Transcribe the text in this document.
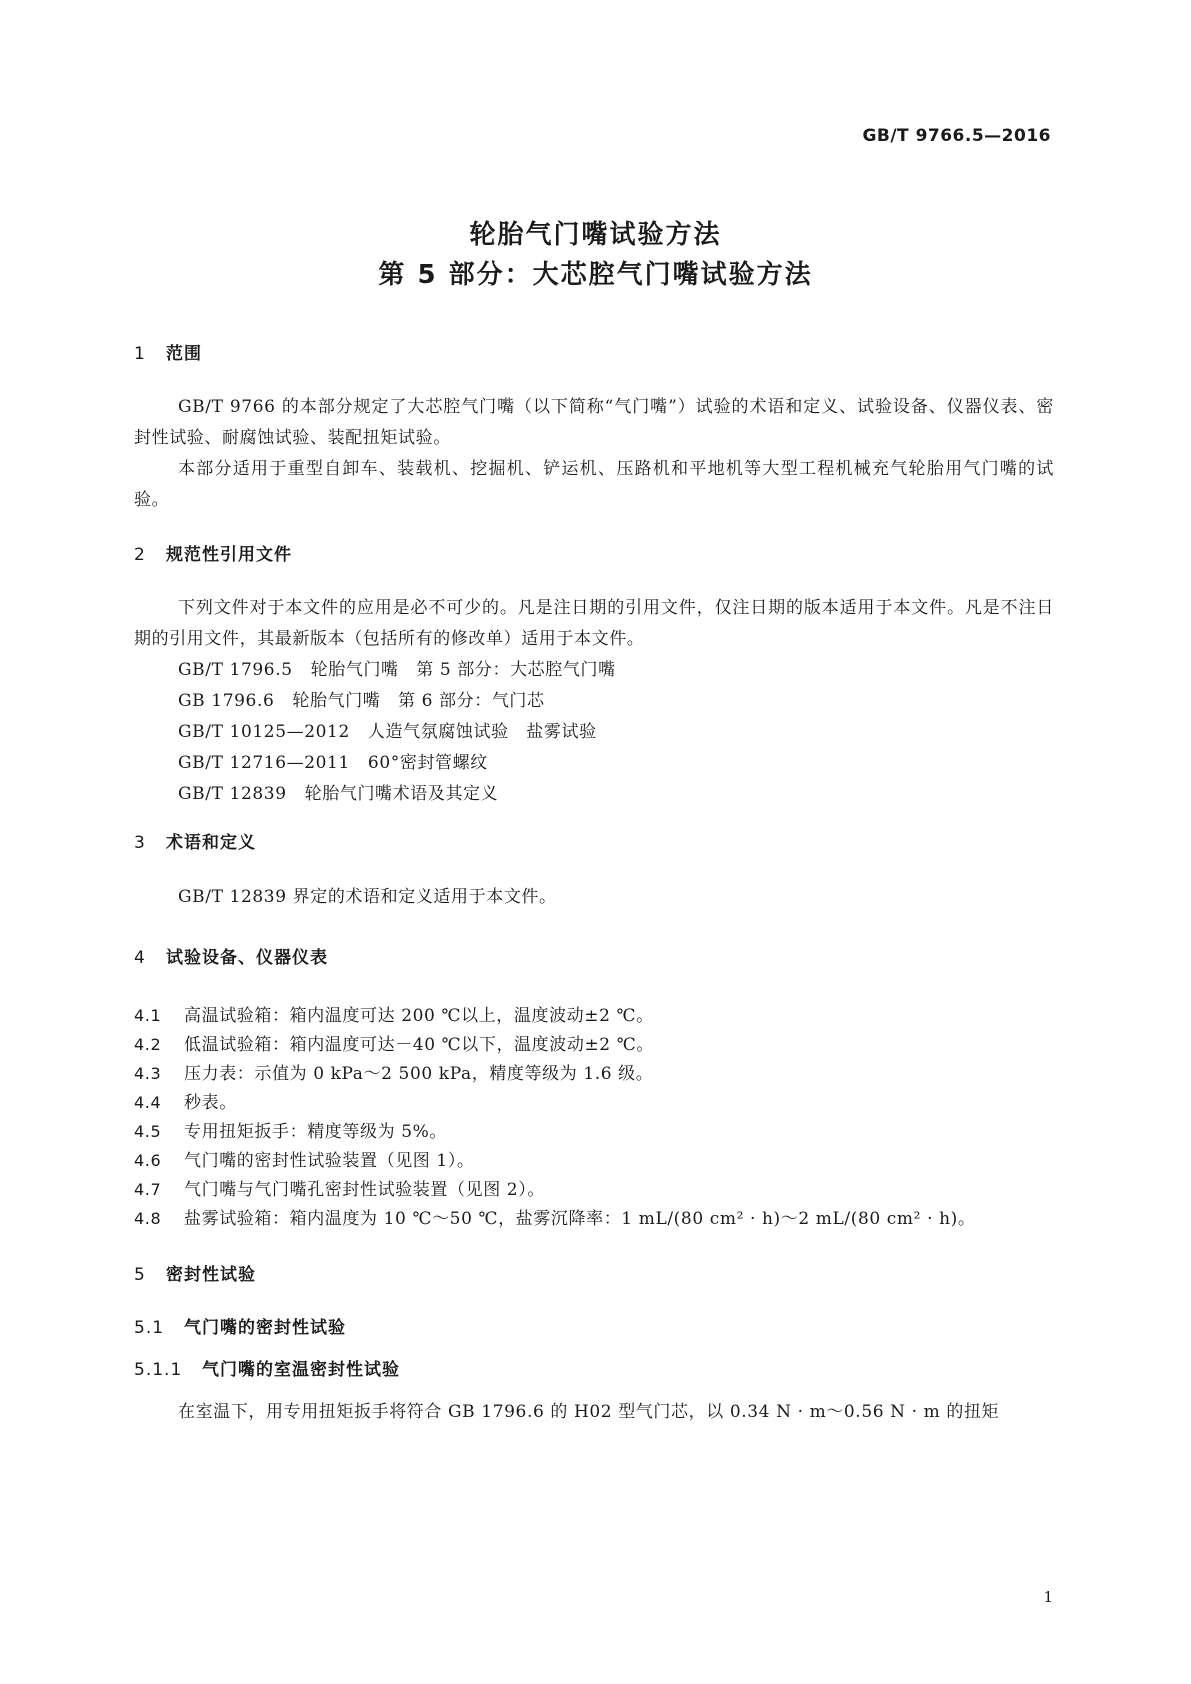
GB/T 9766.5—2016
轮胎气门嘴试验方法
第 5 部分：大芯腔气门嘴试验方法
1 范围
GB/T 9766 的本部分规定了大芯腔气门嘴（以下简称“气门嘴”）试验的术语和定义、试验设备、仪器仪表、密封性试验、耐腐蚀试验、装配扭矩试验。
本部分适用于重型自卸车、装载机、挖掘机、铲运机、压路机和平地机等大型工程机械充气轮胎用气门嘴的试验。
2 规范性引用文件
下列文件对于本文件的应用是必不可少的。凡是注日期的引用文件，仅注日期的版本适用于本文件。凡是不注日期的引用文件，其最新版本（包括所有的修改单）适用于本文件。
GB/T 1796.5 轮胎气门嘴　第 5 部分：大芯腔气门嘴
GB 1796.6 轮胎气门嘴　第 6 部分：气门芯
GB/T 10125—2012 人造气氛腐蚀试验　盐雾试验
GB/T 12716—2011 60°密封管螺纹
GB/T 12839 轮胎气门嘴术语及其定义
3 术语和定义
GB/T 12839 界定的术语和定义适用于本文件。
4 试验设备、仪器仪表
4.1 高温试验箱：箱内温度可达 200 ℃以上，温度波动±2 ℃。
4.2 低温试验箱：箱内温度可达－40 ℃以下，温度波动±2 ℃。
4.3 压力表：示值为 0 kPa～2 500 kPa，精度等级为 1.6 级。
4.4 秒表。
4.5 专用扭矩扳手：精度等级为 5%。
4.6 气门嘴的密封性试验装置（见图 1）。
4.7 气门嘴与气门嘴孔密封性试验装置（见图 2）。
4.8 盐雾试验箱：箱内温度为 10 ℃～50 ℃，盐雾沉降率：1 mL/(80 cm² · h)～2 mL/(80 cm² · h)。
5 密封性试验
5.1 气门嘴的密封性试验
5.1.1 气门嘴的室温密封性试验
在室温下，用专用扭矩扳手将符合 GB 1796.6 的 H02 型气门芯，以 0.34 N · m～0.56 N · m 的扭矩
1
